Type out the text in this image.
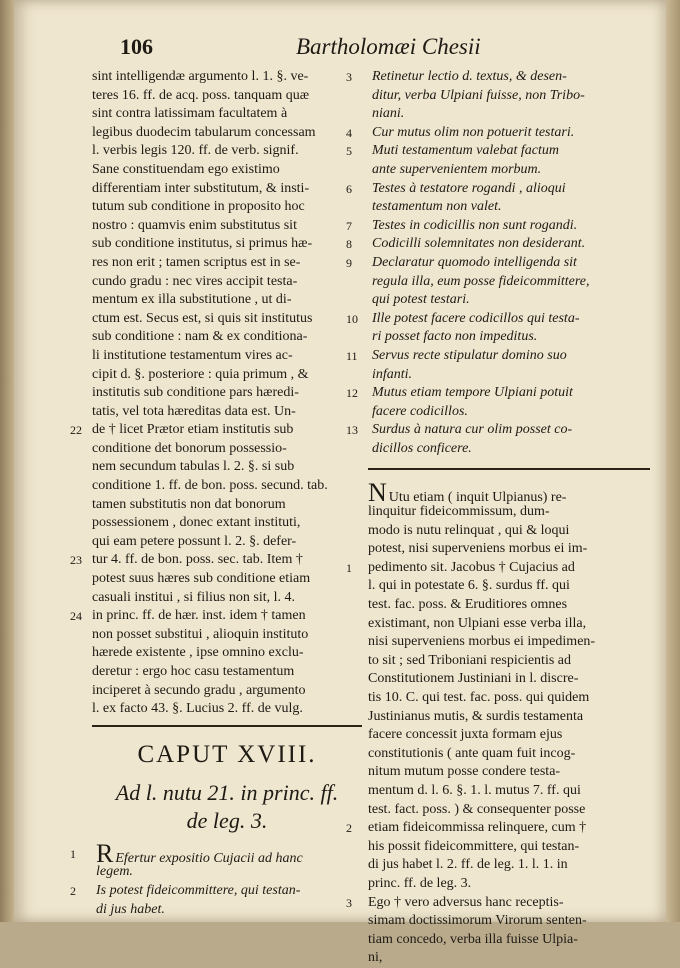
106	Bartholomæi Chesii
sint intelligendæ argumento l. 1. §. ve-
teres 16. ff. de acq. poss. tanquam quæ
sint contra latissimam facultatem à
legibus duodecim tabularum concessam
l. verbis legis 120. ff. de verb. signif.
Sane constituendam ego existimo
differentiam inter substitutum, & insti-
tutum sub conditione in proposito hoc
nostro : quamvis enim substitutus sit
sub conditione institutus, si primus hæ-
res non erit ; tamen scriptus est in se-
cundo gradu : nec vires accipit testa-
mentum ex illa substitutione , ut di-
ctum est. Secus est, si quis sit institutus
sub conditione : nam & ex conditiona-
li institutione testamentum vires ac-
cipit d. §. posteriore : quia primum , &
institutis sub conditione pars hæredi-
tatis, vel tota hæreditas data est. Un-
22 de † licet Prætor etiam institutis sub
conditione det bonorum possessio-
nem secundum tabulas l. 2. §. si sub
conditione 1. ff. de bon. poss. secund. tab.
tamen substitutis non dat bonorum
possessionem , donec extant instituti,
qui eam petere possunt l. 2. §. defer-
23 tur 4. ff. de bon. poss. sec. tab. Item †
potest suus hæres sub conditione etiam
casuali institui , si filius non sit, l. 4.
24 in princ. ff. de hær. inst. idem † tamen
non posset substitui , alioquin instituto
hærede existente , ipse omnino exclu-
deretur : ergo hoc casu testamentum
inciperet à secundo gradu , argumento
l. ex facto 43. §. Lucius 2. ff. de vulg.
CAPUT XVIII.
Ad l. nutu 21. in princ. ff.
de leg. 3.
1 R Efertur expositio Cujacii ad hanc
legem.
2 Is potest fideicommittere, qui testan-
di jus habet.
3 Retinetur lectio d. textus, & desen-
ditur, verba Ulpiani fuisse, non Tribo-
niani.
4 Cur mutus olim non potuerit testari.
5 Muti testamentum valebat factum
ante supervenientem morbum.
6 Testes à testatore rogandi , alioqui
testamentum non valet.
7 Testes in codicillis non sunt rogandi.
8 Codicilli solemnitates non desiderant.
9 Declaratur quomodo intelligenda sit
regula illa, eum posse fideicommittere,
qui potest testari.
10 Ille potest facere codicillos qui testa-
ri posset facto non impeditus.
11 Servus recte stipulatur domino suo
infanti.
12 Mutus etiam tempore Ulpiani potuit
facere codicillos.
13 Surdus à natura cur olim posset co-
dicillos conficere.
N Utu etiam ( inquit Ulpianus) re-
linquitur fideicommissum, dum-
modo is nutu relinquat , qui & loqui
potest, nisi superveniens morbus ei im-
1 pedimento sit. Jacobus † Cujacius ad
l. qui in potestate 6. §. surdus ff. qui
test. fac. poss. & Eruditiores omnes
existimant, non Ulpiani esse verba illa,
nisi superveniens morbus ei impedimen-
to sit ; sed Triboniani respicientis ad
Constitutionem Justiniani in l. discre-
tis 10. C. qui test. fac. poss. qui quidem
Justinianus mutis, & surdis testamenta
facere concessit juxta formam ejus
constitutionis ( ante quam fuit incog-
nitum mutum posse condere testa-
mentum d. l. 6. §. 1. l. mutus 7. ff. qui
test. fact. poss. ) & consequenter posse
2 etiam fideicommissa relinquere, cum †
his possit fideicommittere, qui testan-
di jus habet l. 2. ff. de leg. 1. l. 1. in
princ. ff. de leg. 3.
3 Ego † vero adversus hanc receptis-
simam doctissimorum Virorum senten-
tiam concedo, verba illa fuisse Ulpia-
ni,
